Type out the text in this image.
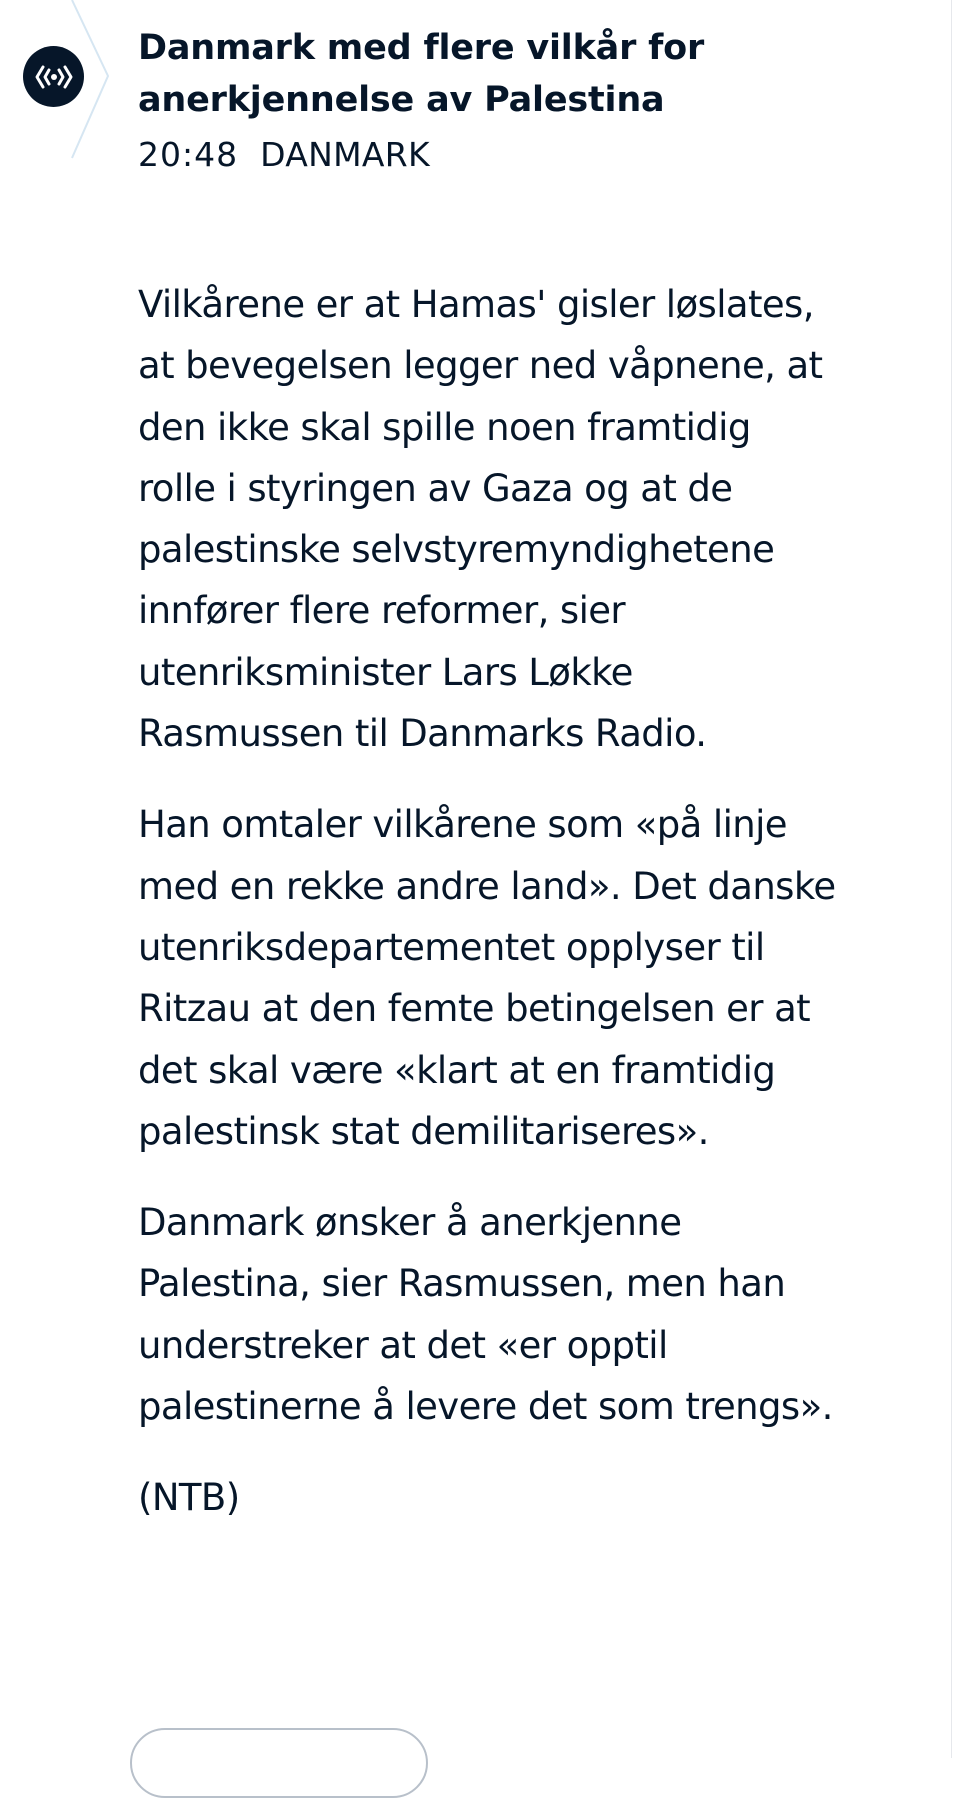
Danmark med flere vilkår for anerkjennelse av Palestina
20:48 DANMARK

Vilkårene er at Hamas' gisler løslates, at bevegelsen legger ned våpnene, at den ikke skal spille noen framtidig rolle i styringen av Gaza og at de palestinske selvstyremyndighetene innfører flere reformer, sier utenriksminister Lars Løkke Rasmussen til Danmarks Radio.

Han omtaler vilkårene som «på linje med en rekke andre land». Det danske utenriksdepartementet opplyser til Ritzau at den femte betingelsen er at det skal være «klart at en framtidig palestinsk stat demilitariseres».

Danmark ønsker å anerkjenne Palestina, sier Rasmussen, men han understreker at det «er opptil palestinerne å levere det som trengs».

(NTB)
